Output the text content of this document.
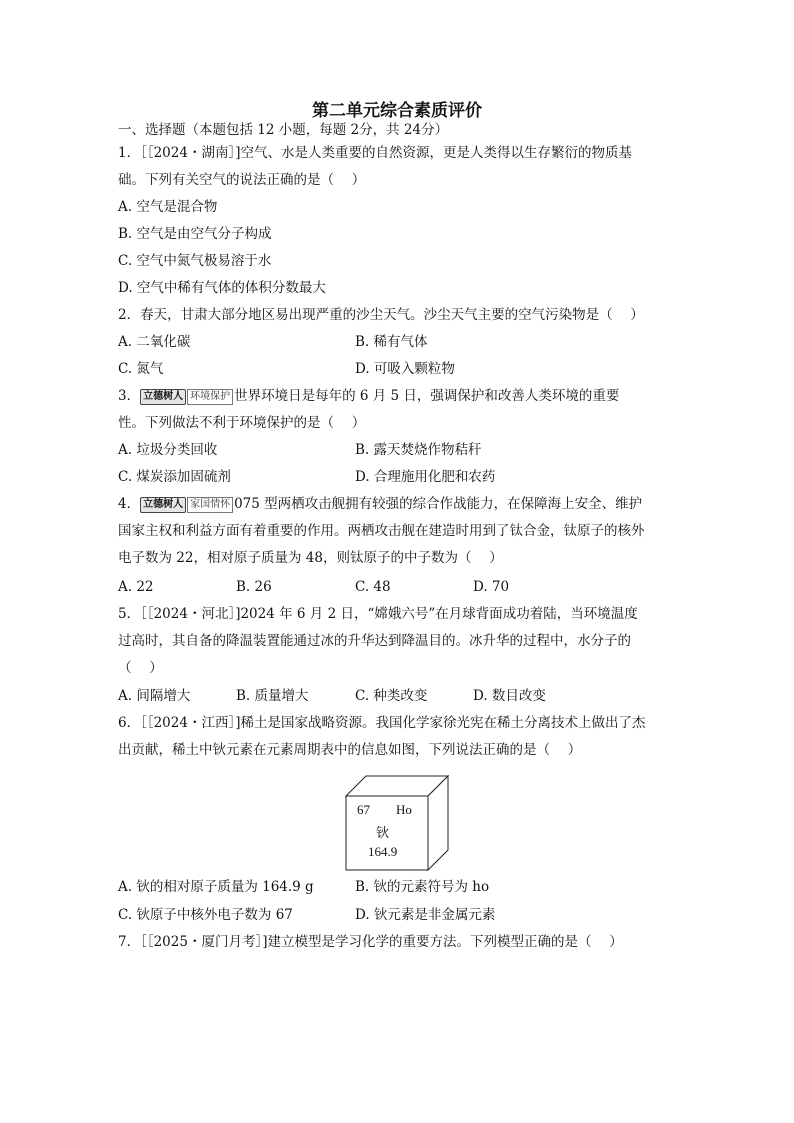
第二单元综合素质评价
一、选择题（本题包括 12 小题，每题 2分，共 24分）
1．［［2024・湖南］]空气、水是人类重要的自然资源，更是人类得以生存繁衍的物质基
础。下列有关空气的说法正确的是（　 ）
A. 空气是混合物
B. 空气是由空气分子构成
C. 空气中氮气极易溶于水
D. 空气中稀有气体的体积分数最大
2．春天，甘肃大部分地区易出现严重的沙尘天气。沙尘天气主要的空气污染物是（　 ）
A. 二氧化碳	B. 稀有气体
C. 氮气	D. 可吸入颗粒物
3． 立德树人 环境保护 世界环境日是每年的 6 月 5 日，强调保护和改善人类环境的重要
性。下列做法不利于环境保护的是（　 ）
A. 垃圾分类回收	B. 露天焚烧作物秸秆
C. 煤炭添加固硫剂	D. 合理施用化肥和农药
4． 立德树人 家国情怀 075 型两栖攻击舰拥有较强的综合作战能力，在保障海上安全、维护
国家主权和利益方面有着重要的作用。两栖攻击舰在建造时用到了钛合金，钛原子的核外
电子数为 22，相对原子质量为 48，则钛原子的中子数为（　 ）
A. 22	B. 26	C. 48	D. 70
5．［［2024・河北］]2024 年 6 月 2 日，“嫦娥六号”在月球背面成功着陆，当环境温度
过高时，其自备的降温装置能通过冰的升华达到降温目的。冰升华的过程中，水分子的
（　 ）
A. 间隔增大	B. 质量增大	C. 种类改变	D. 数目改变
6．［［2024・江西］]稀土是国家战略资源。我国化学家徐光宪在稀土分离技术上做出了杰
出贡献，稀土中钬元素在元素周期表中的信息如图，下列说法正确的是（　 ）
67 Ho
钬
164.9
A. 钬的相对原子质量为 164.9 g	B. 钬的元素符号为 ho
C. 钬原子中核外电子数为 67	D. 钬元素是非金属元素
7．［［2025・厦门月考］]建立模型是学习化学的重要方法。下列模型正确的是（　 ）
